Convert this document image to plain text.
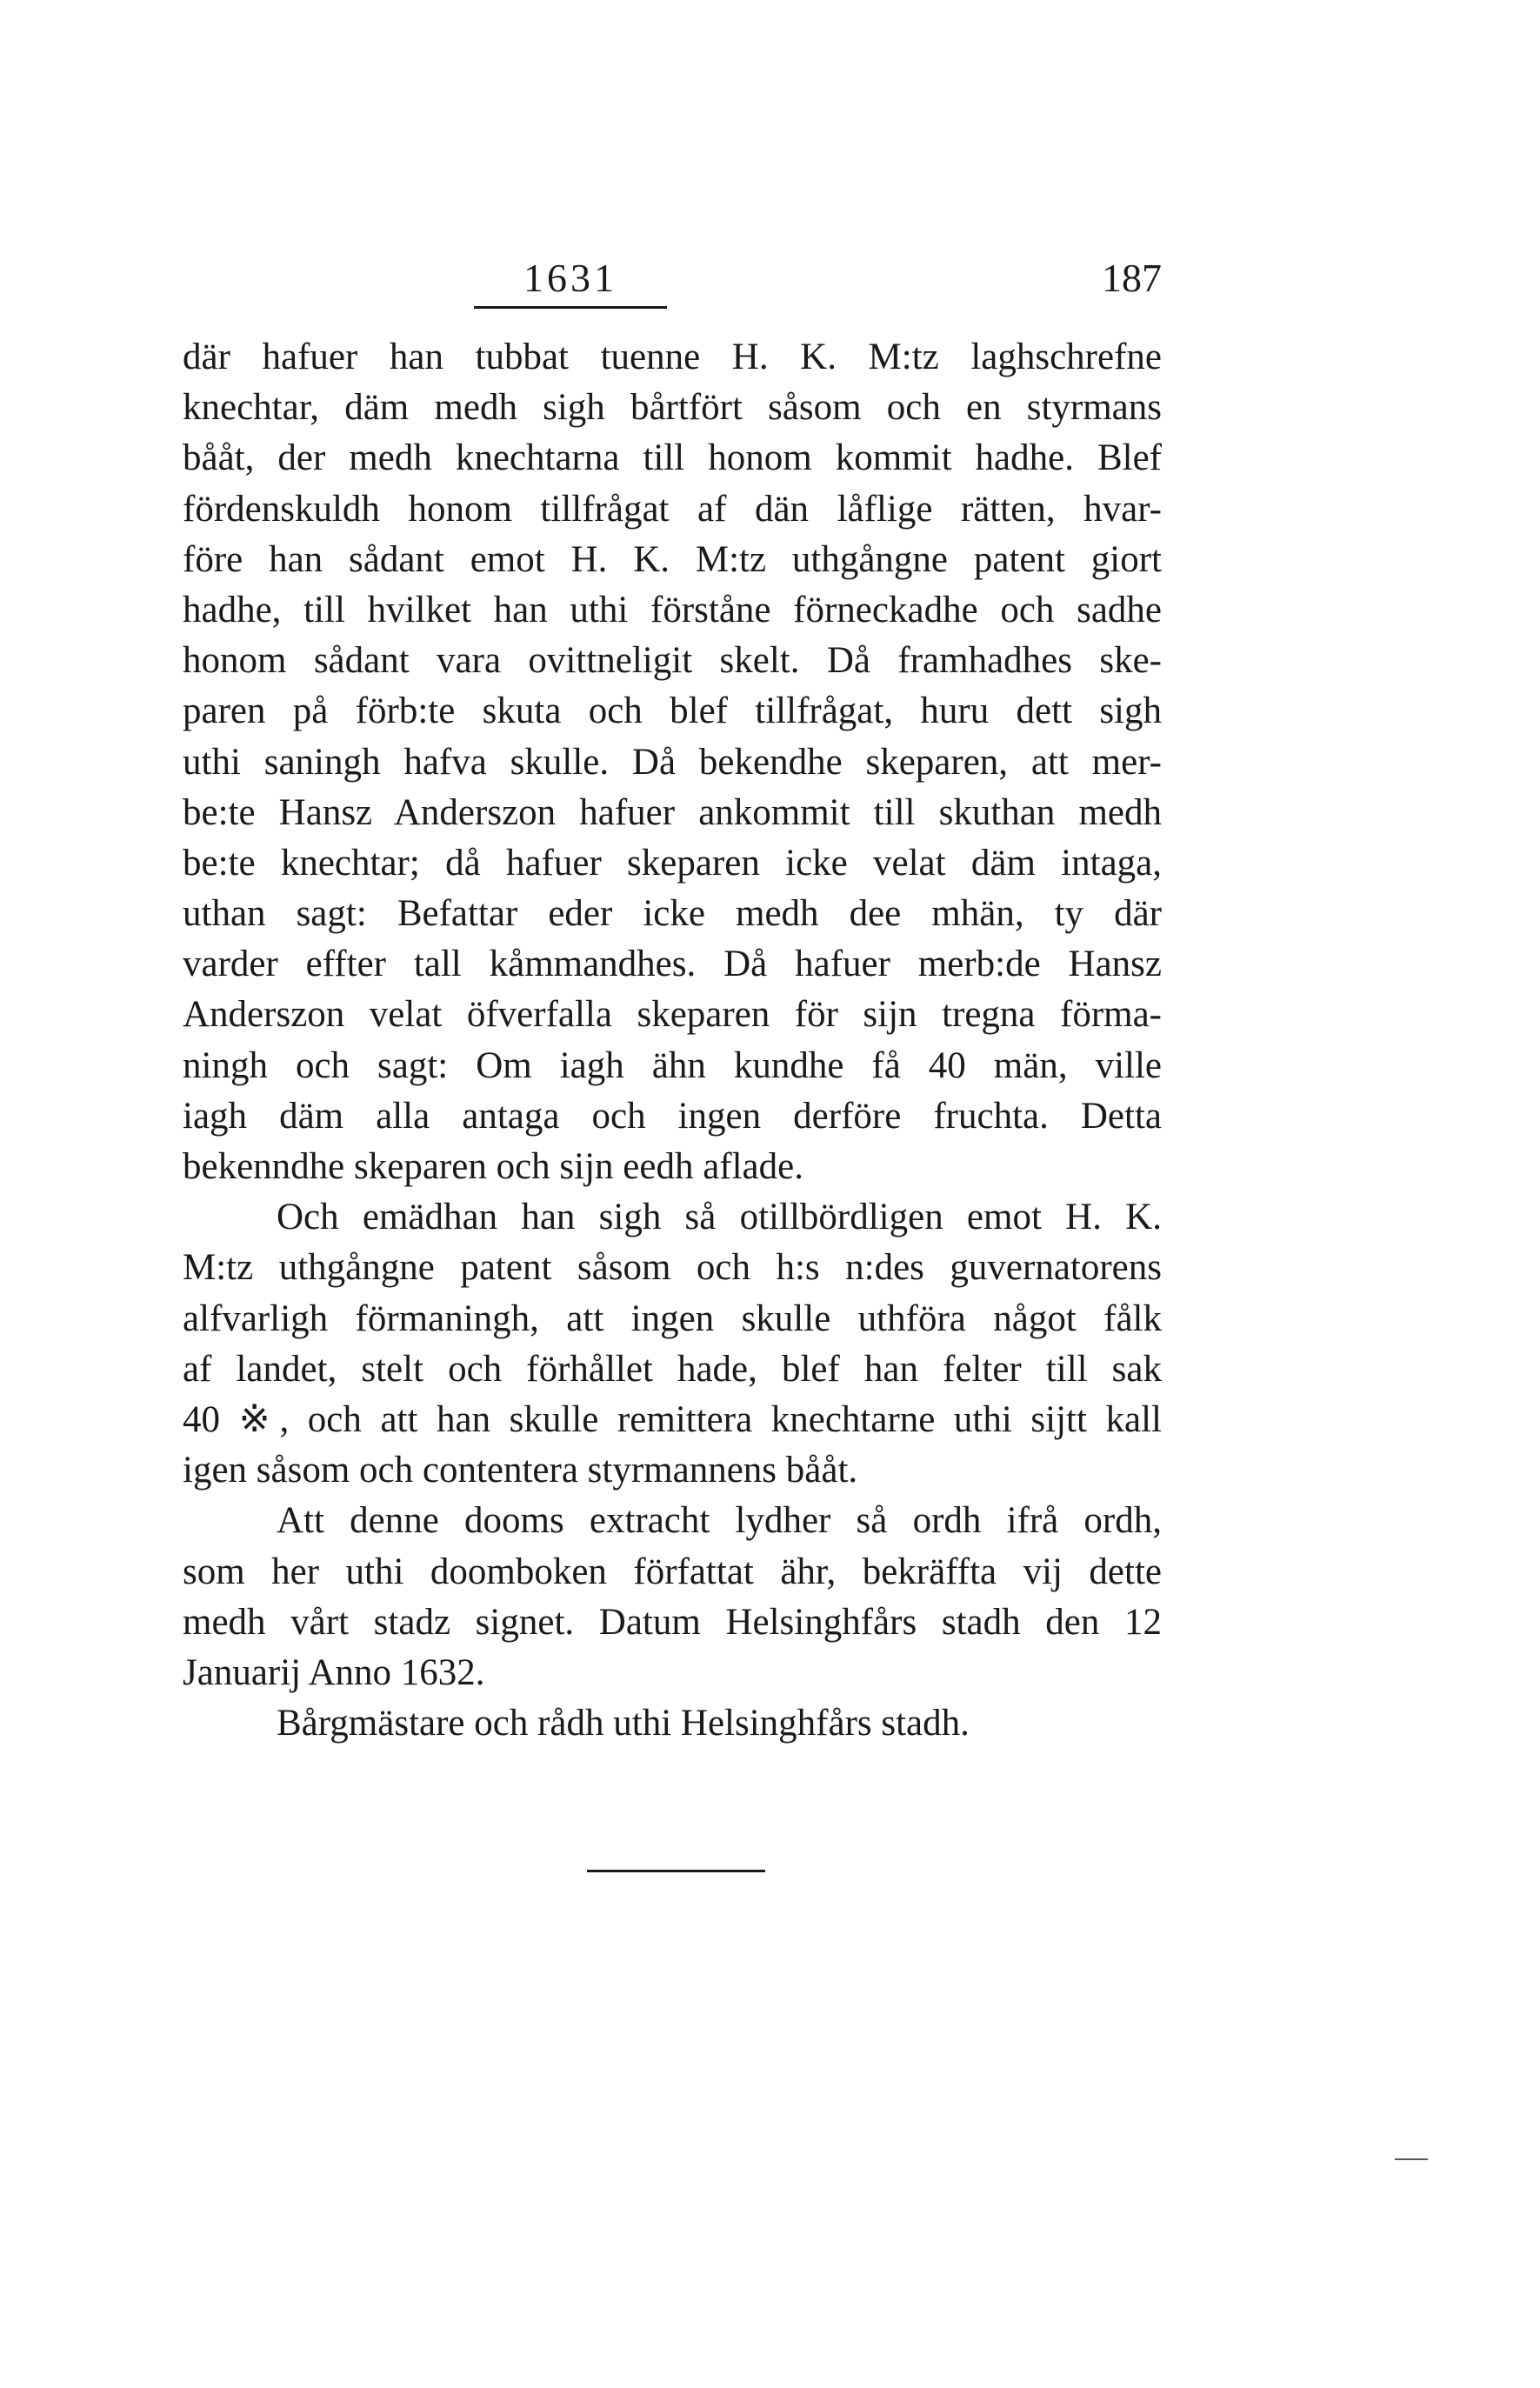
1631	187
där hafuer han tubbat tuenne H. K. M:tz laghschrefne
knechtar, däm medh sigh bårtfört såsom och en styrmans
bååt, der medh knechtarna till honom kommit hadhe. Blef
fördenskuldh honom tillfrågat af dän låflige rätten, hvar-
före han sådant emot H. K. M:tz uthgångne patent giort
hadhe, till hvilket han uthi förståne förneckadhe och sadhe
honom sådant vara ovittneligit skelt. Då framhadhes ske-
paren på förb:te skuta och blef tillfrågat, huru dett sigh
uthi saningh hafva skulle. Då bekendhe skeparen, att mer-
be:te Hansz Anderszon hafuer ankommit till skuthan medh
be:te knechtar; då hafuer skeparen icke velat däm intaga,
uthan sagt: Befattar eder icke medh dee mhän, ty där
varder effter tall kåmmandhes. Då hafuer merb:de Hansz
Anderszon velat öfverfalla skeparen för sijn tregna förma-
ningh och sagt: Om iagh ähn kundhe få 40 män, ville
iagh däm alla antaga och ingen derföre fruchta. Detta
bekenndhe skeparen och sijn eedh aflade.
Och emädhan han sigh så otillbördligen emot H. K.
M:tz uthgångne patent såsom och h:s n:des guvernatorens
alfvarligh förmaningh, att ingen skulle uthföra något fålk
af landet, stelt och förhållet hade, blef han felter till sak
40 ※, och att han skulle remittera knechtarne uthi sijtt kall
igen såsom och contentera styrmannens bååt.
Att denne dooms extracht lydher så ordh ifrå ordh,
som her uthi doomboken författat ähr, bekräffta vij dette
medh vårt stadz signet. Datum Helsinghfårs stadh den 12
Januarij Anno 1632.
Bårgmästare och rådh uthi Helsinghfårs stadh.
